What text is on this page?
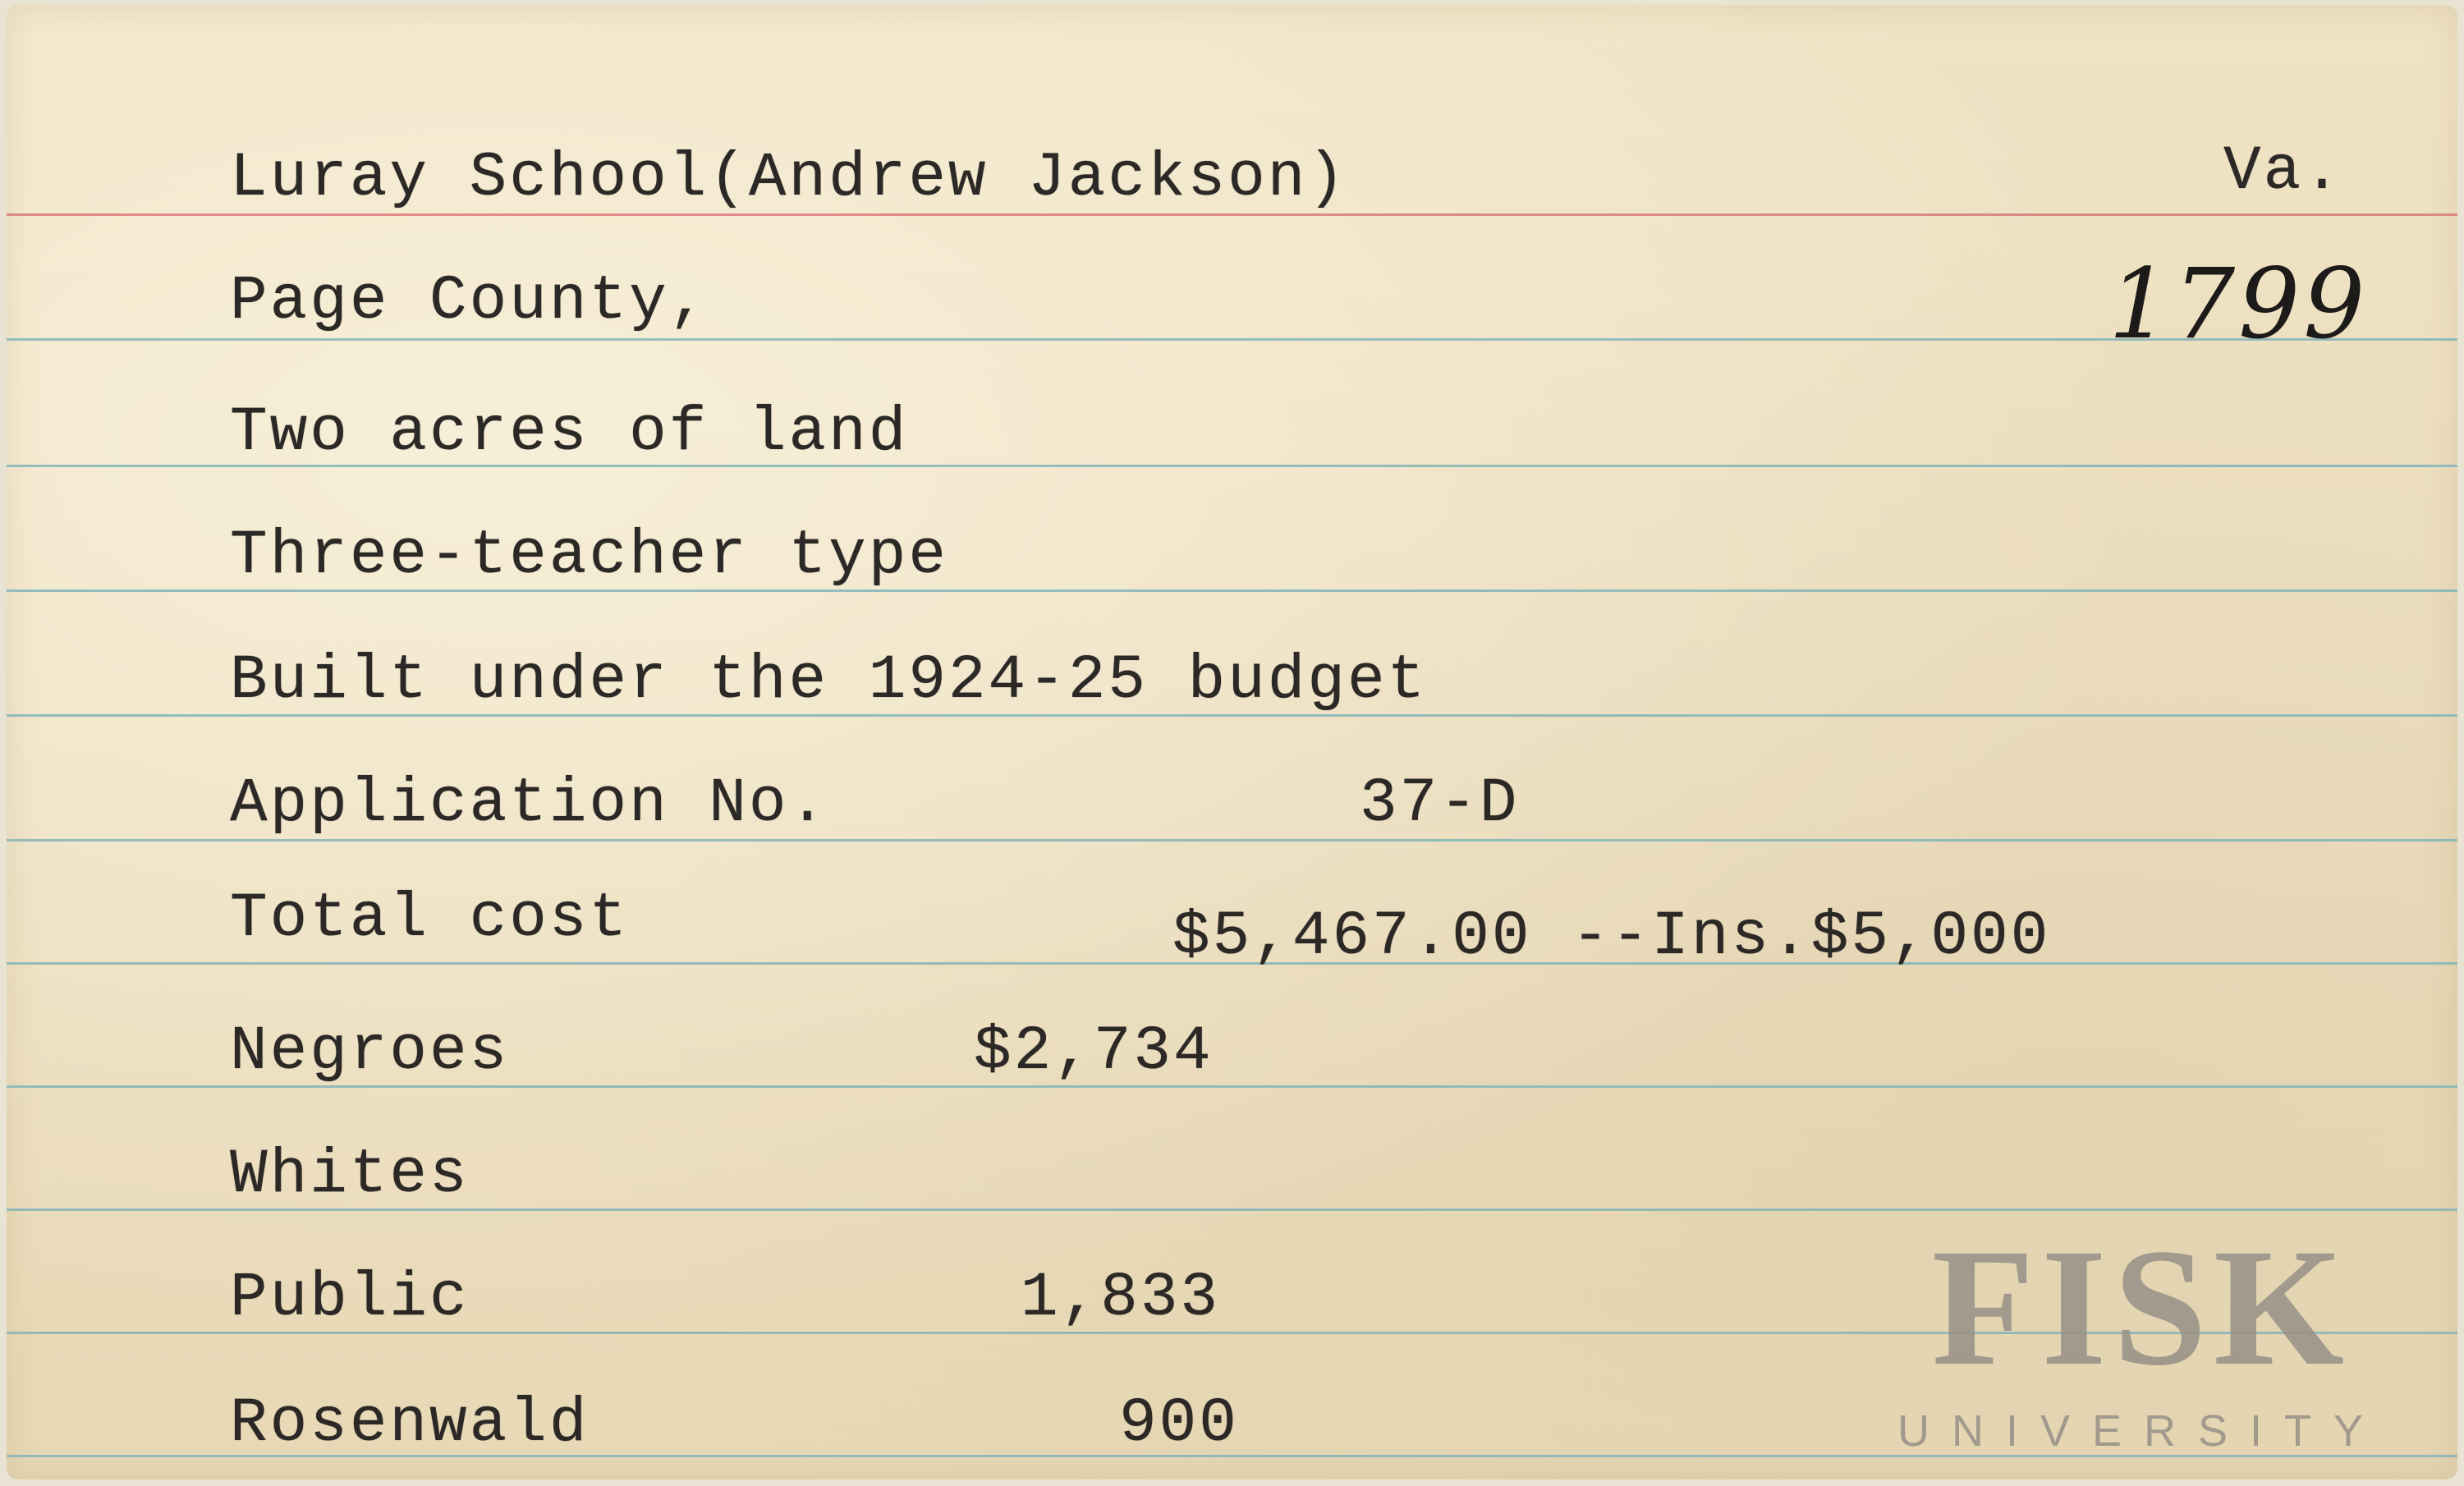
Luray School(Andrew Jackson)	Va.
Page County,	1799
Two acres of land
Three-teacher type
Built under the 1924-25 budget
Application No.	37-D
Total cost	$5,467.00 --Ins.$5,000
Negroes	$2,734
Whites
Public	1,833
Rosenwald	900
FISK
UNIVERSITY
